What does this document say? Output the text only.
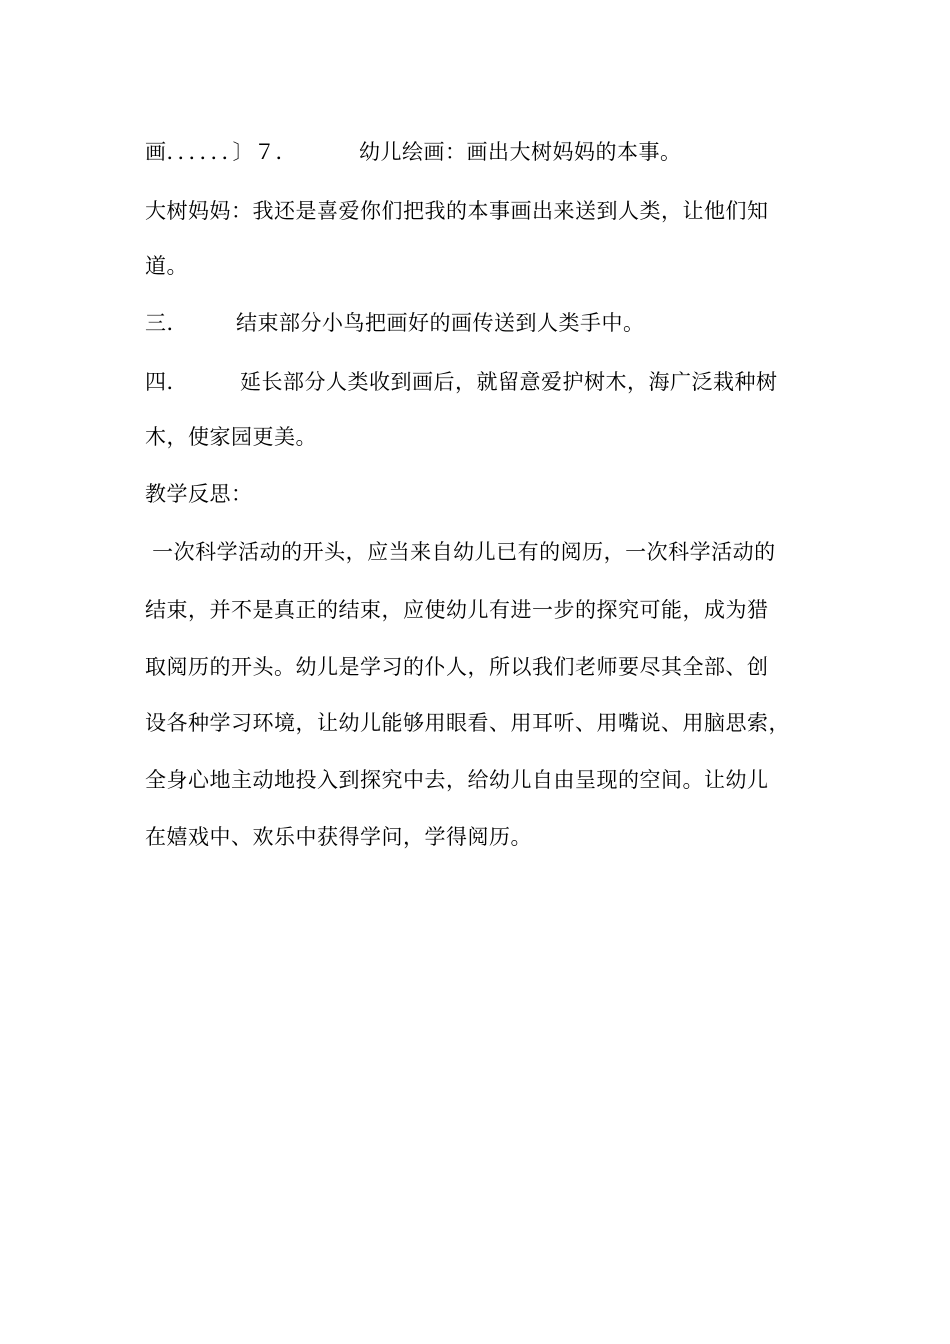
画．．．．．．〕７．	幼儿绘画：画出大树妈妈的本事。
大树妈妈：我还是喜爱你们把我的本事画出来送到人类，让他们知
道。
三． 结束部分小鸟把画好的画传送到人类手中。
四． 延长部分人类收到画后，就留意爱护树木，海广泛栽种树
木，使家园更美。
教学反思：
一次科学活动的开头，应当来自幼儿已有的阅历，一次科学活动的
结束，并不是真正的结束，应使幼儿有进一步的探究可能，成为猎
取阅历的开头。幼儿是学习的仆人，所以我们老师要尽其全部、创
设各种学习环境，让幼儿能够用眼看、用耳听、用嘴说、用脑思索，
全身心地主动地投入到探究中去，给幼儿自由呈现的空间。让幼儿
在嬉戏中、欢乐中获得学问，学得阅历。
